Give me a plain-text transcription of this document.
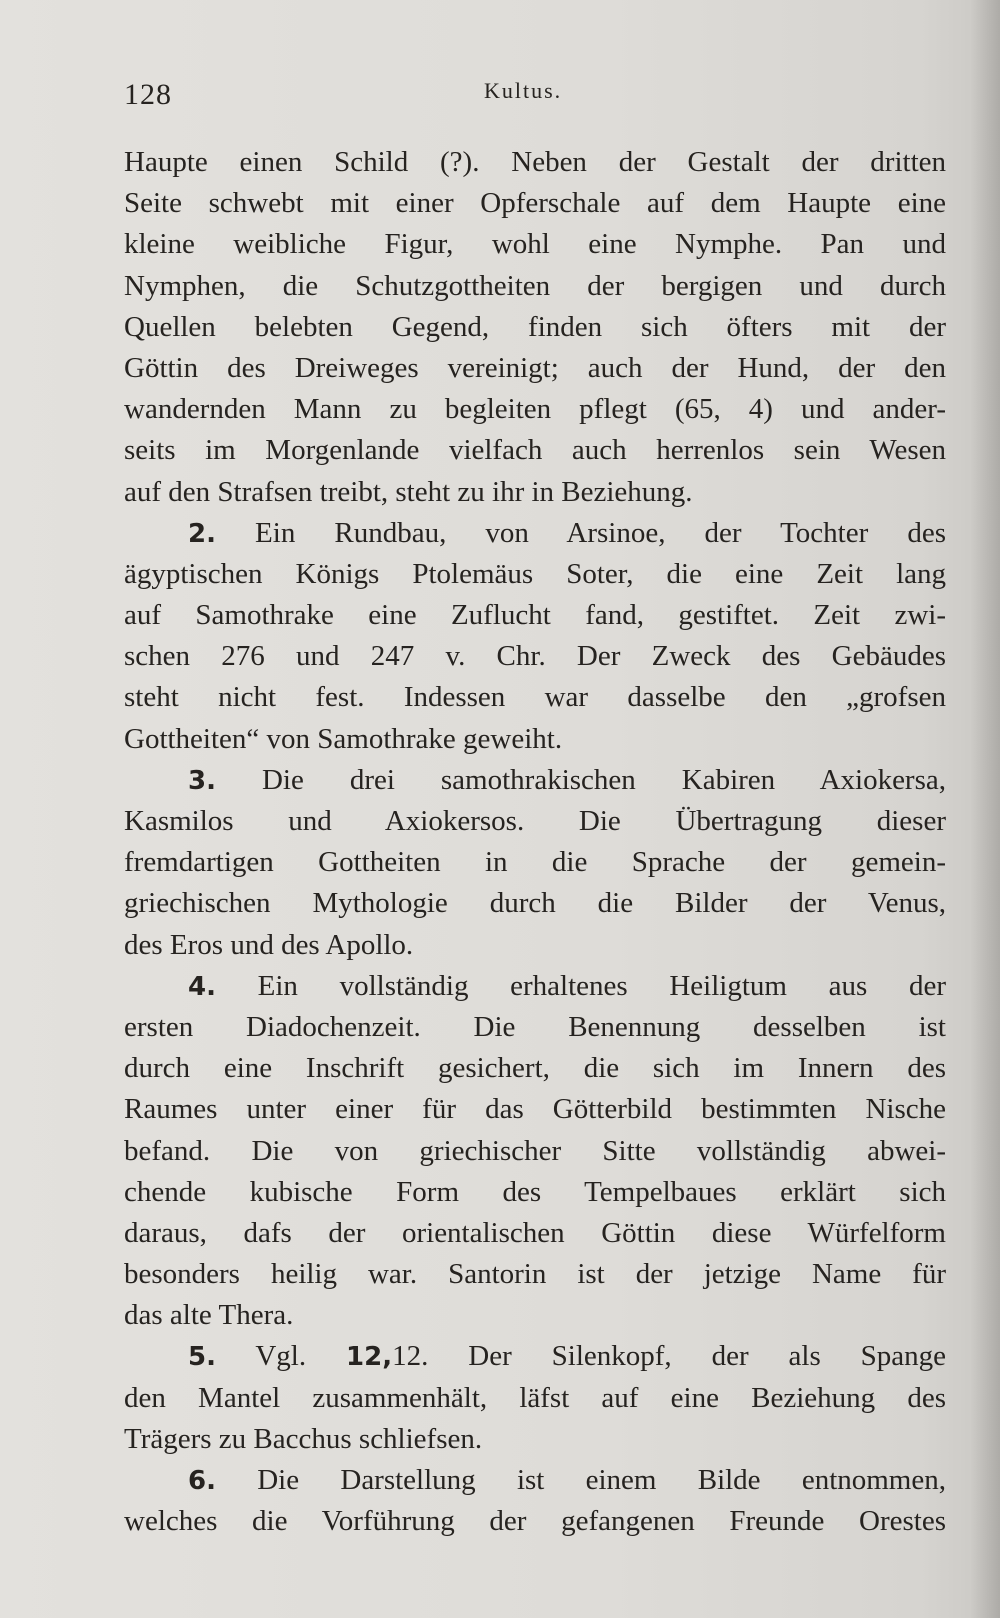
128	Kultus.
Haupte einen Schild (?). Neben der Gestalt der dritten
Seite schwebt mit einer Opferschale auf dem Haupte eine
kleine weibliche Figur, wohl eine Nymphe. Pan und
Nymphen, die Schutzgottheiten der bergigen und durch
Quellen belebten Gegend, finden sich öfters mit der
Göttin des Dreiweges vereinigt; auch der Hund, der den
wandernden Mann zu begleiten pflegt (65, 4) und ander-
seits im Morgenlande vielfach auch herrenlos sein Wesen
auf den Strafsen treibt, steht zu ihr in Beziehung.
2. Ein Rundbau, von Arsinoe, der Tochter des
ägyptischen Königs Ptolemäus Soter, die eine Zeit lang
auf Samothrake eine Zuflucht fand, gestiftet. Zeit zwi-
schen 276 und 247 v. Chr. Der Zweck des Gebäudes
steht nicht fest. Indessen war dasselbe den „grofsen
Gottheiten“ von Samothrake geweiht.
3. Die drei samothrakischen Kabiren Axiokersa,
Kasmilos und Axiokersos. Die Übertragung dieser
fremdartigen Gottheiten in die Sprache der gemein-
griechischen Mythologie durch die Bilder der Venus,
des Eros und des Apollo.
4. Ein vollständig erhaltenes Heiligtum aus der
ersten Diadochenzeit. Die Benennung desselben ist
durch eine Inschrift gesichert, die sich im Innern des
Raumes unter einer für das Götterbild bestimmten Nische
befand. Die von griechischer Sitte vollständig abwei-
chende kubische Form des Tempelbaues erklärt sich
daraus, dafs der orientalischen Göttin diese Würfelform
besonders heilig war. Santorin ist der jetzige Name für
das alte Thera.
5. Vgl. 12,12. Der Silenkopf, der als Spange
den Mantel zusammenhält, läfst auf eine Beziehung des
Trägers zu Bacchus schliefsen.
6. Die Darstellung ist einem Bilde entnommen,
welches die Vorführung der gefangenen Freunde Orestes
